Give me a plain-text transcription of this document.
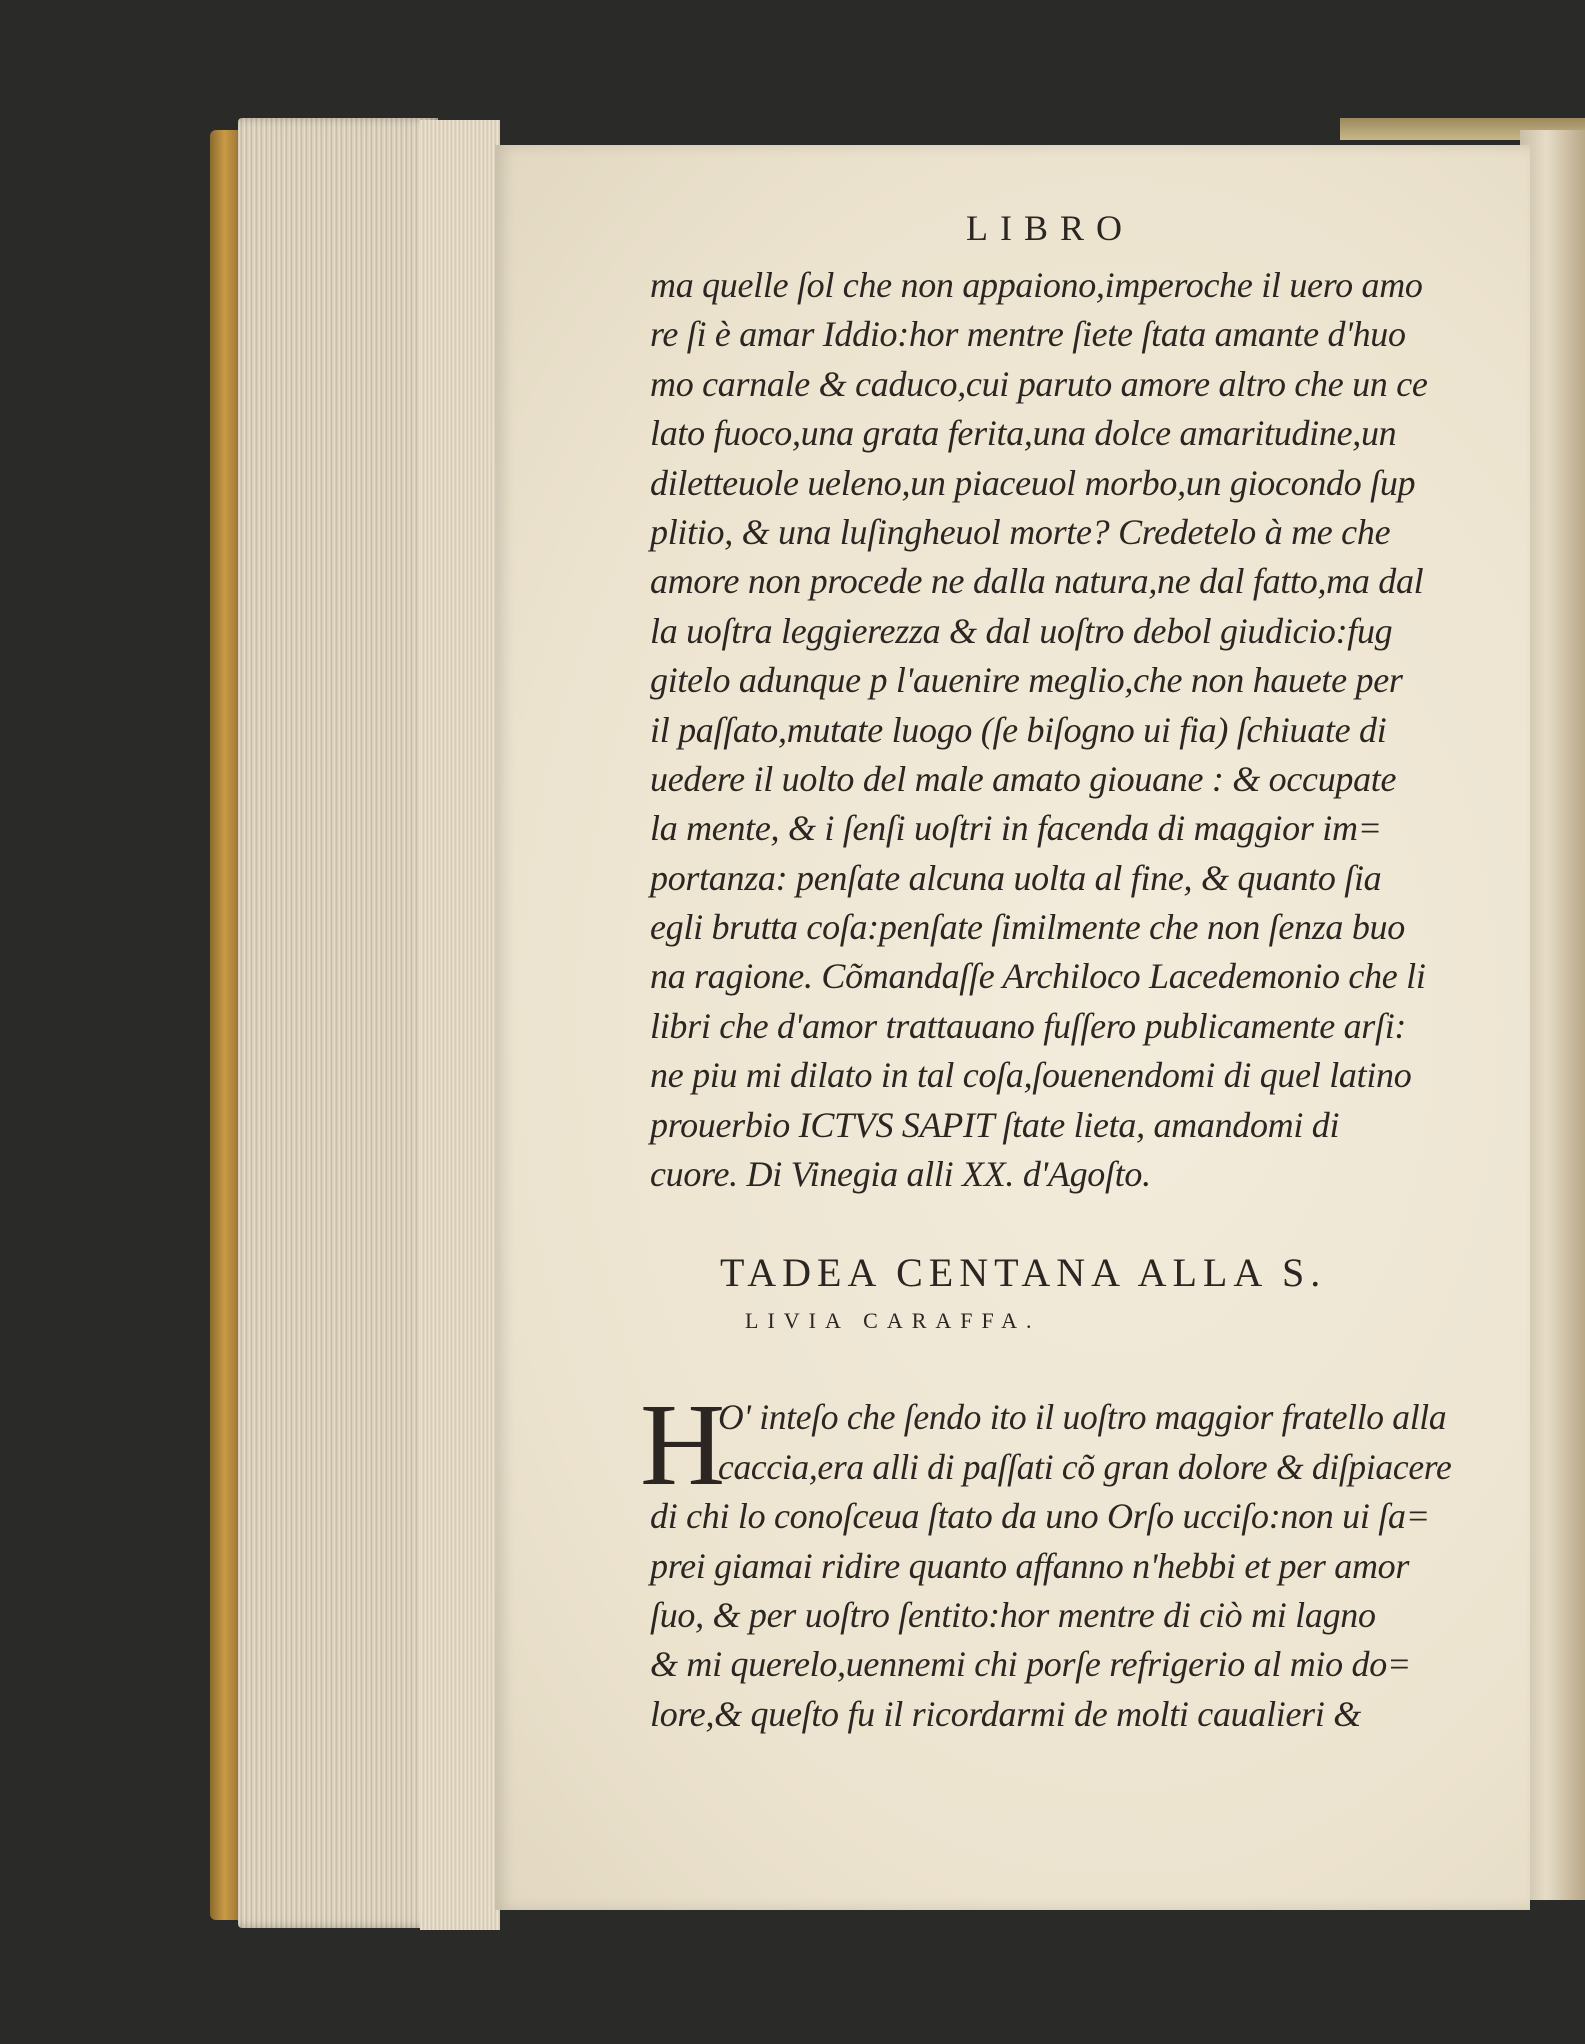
LIBRO
ma quelle ſol che non appaiono,imperoche il uero amo
re ſi è amar Iddio:hor mentre ſiete ſtata amante d'huo
mo carnale & caduco,cui paruto amore altro che un ce
lato fuoco,una grata ferita,una dolce amaritudine,un
diletteuole ueleno,un piaceuol morbo,un giocondo ſup
plitio, & una luſingheuol morte? Credetelo à me che
amore non procede ne dalla natura,ne dal fatto,ma dal
la uoſtra leggierezza & dal uoſtro debol giudicio:fug
gitelo adunque p l'auenire meglio,che non hauete per
il paſſato,mutate luogo (ſe biſogno ui fia) ſchiuate di
uedere il uolto del male amato giouane : & occupate
la mente, & i ſenſi uoſtri in facenda di maggior im=
portanza: penſate alcuna uolta al fine, & quanto ſia
egli brutta coſa:penſate ſimilmente che non ſenza buo
na ragione. Cõmandaſſe Archiloco Lacedemonio che li
libri che d'amor trattauano fuſſero publicamente arſi:
ne piu mi dilato in tal coſa,ſouenendomi di quel latino
prouerbio ICTVS SAPIT ſtate lieta, amandomi di
cuore. Di Vinegia alli XX. d'Agoſto.
TADEA CENTANA ALLA S.
LIVIA CARAFFA.
H
O' inteſo che ſendo ito il uoſtro maggior fratello alla
caccia,era alli di paſſati cõ gran dolore & diſpiacere
di chi lo conoſceua ſtato da uno Orſo ucciſo:non ui ſa=
prei giamai ridire quanto affanno n'hebbi et per amor
ſuo, & per uoſtro ſentito:hor mentre di ciò mi lagno
& mi querelo,uennemi chi porſe refrigerio al mio do=
lore,& queſto fu il ricordarmi de molti caualieri &
